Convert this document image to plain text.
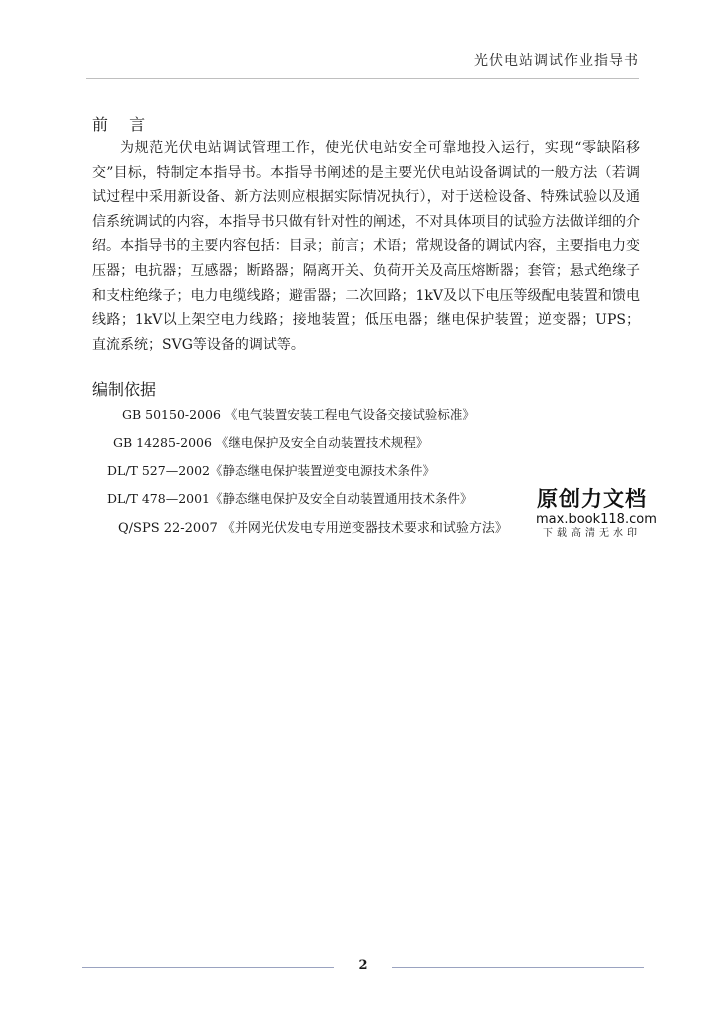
光伏电站调试作业指导书
前 言

为规范光伏电站调试管理工作，使光伏电站安全可靠地投入运行，实现“零缺陷移交”目标，特制定本指导书。本指导书阐述的是主要光伏电站设备调试的一般方法（若调试过程中采用新设备、新方法则应根据实际情况执行），对于送检设备、特殊试验以及通信系统调试的内容，本指导书只做有针对性的阐述，不对具体项目的试验方法做详细的介绍。本指导书的主要内容包括：目录；前言；术语；常规设备的调试内容，主要指电力变压器；电抗器；互感器；断路器；隔离开关、负荷开关及高压熔断器；套管；悬式绝缘子和支柱绝缘子；电力电缆线路；避雷器；二次回路；1kV及以下电压等级配电装置和馈电线路；1kV以上架空电力线路；接地装置；低压电器；继电保护装置；逆变器；UPS；直流系统；SVG等设备的调试等。

编制依据
GB 50150-2006 《电气装置安装工程电气设备交接试验标准》
GB 14285-2006 《继电保护及安全自动装置技术规程》
DL/T 527—2002《静态继电保护装置逆变电源技术条件》
DL/T 478—2001《静态继电保护及安全自动装置通用技术条件》
Q/SPS 22-2007 《并网光伏发电专用逆变器技术要求和试验方法》
原创力文档
max.book118.com
下载高清无水印
2
